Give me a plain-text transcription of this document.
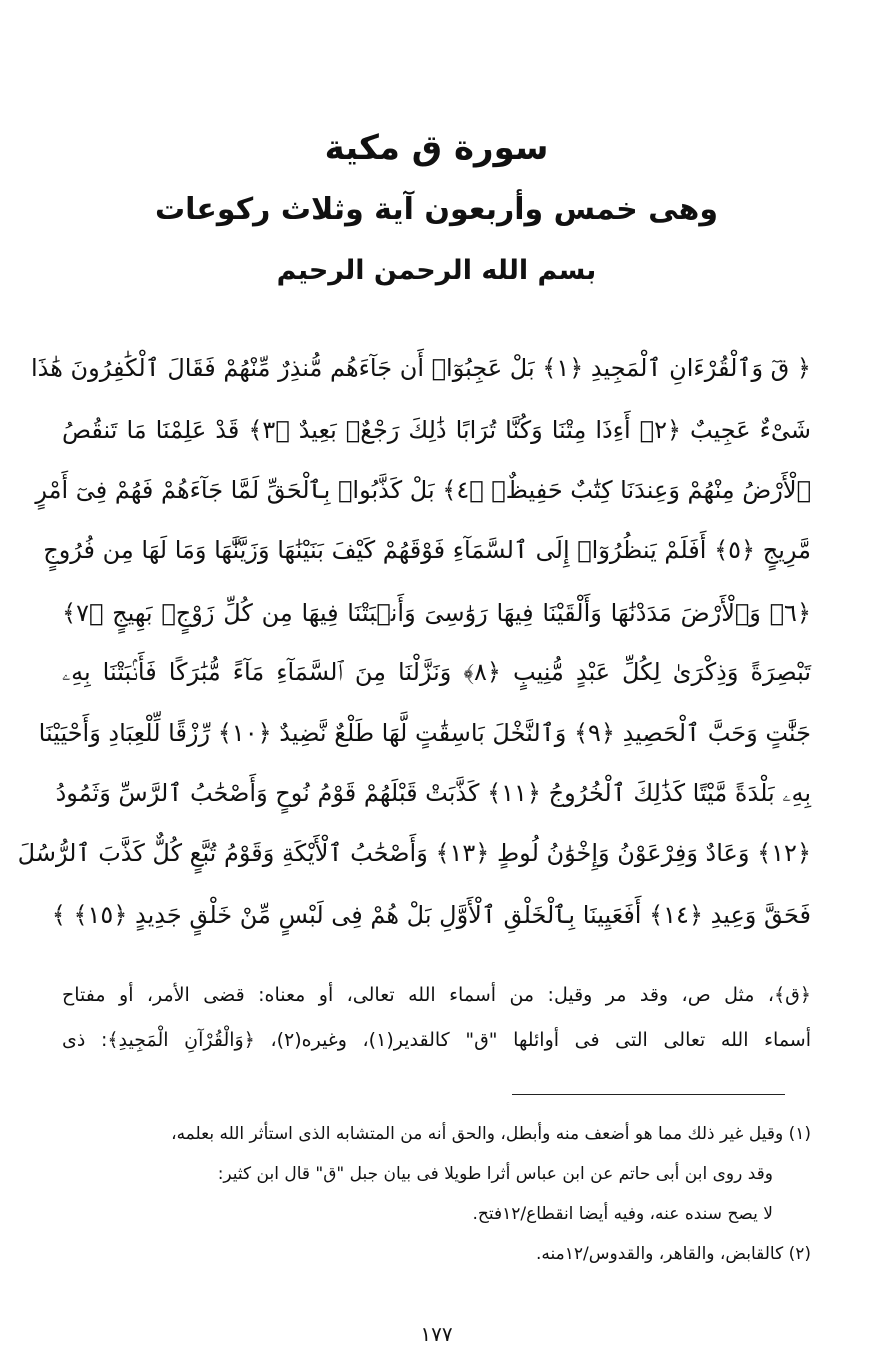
سورة ق مكية
وهى خمس وأربعون آية وثلاث ركوعات
بسم الله الرحمن الرحيم
﴿ قٓ وَٱلْقُرْءَانِ ٱلْمَجِيدِ ﴿١﴾ بَلْ عَجِبُوٓا۟ أَن جَآءَهُم مُّنذِرٌ مِّنْهُمْ فَقَالَ ٱلْكَٰفِرُونَ هَٰذَا
شَىْءٌ عَجِيبٌ ﴿٢﴾ أَءِذَا مِتْنَا وَكُنَّا تُرَابًا ذَٰلِكَ رَجْعٌۢ بَعِيدٌ ﴿٣﴾ قَدْ عَلِمْنَا مَا تَنقُصُ
ٱلْأَرْضُ مِنْهُمْ وَعِندَنَا كِتَٰبٌ حَفِيظٌۢ ﴿٤﴾ بَلْ كَذَّبُوا۟ بِٱلْحَقِّ لَمَّا جَآءَهُمْ فَهُمْ فِىٓ أَمْرٍ
مَّرِيجٍ ﴿٥﴾ أَفَلَمْ يَنظُرُوٓا۟ إِلَى ٱلسَّمَآءِ فَوْقَهُمْ كَيْفَ بَنَيْنَٰهَا وَزَيَّنَّٰهَا وَمَا لَهَا مِن فُرُوجٍ
﴿٦﴾ وَٱلْأَرْضَ مَدَدْنَٰهَا وَأَلْقَيْنَا فِيهَا رَوَٰسِىَ وَأَنۢبَتْنَا فِيهَا مِن كُلِّ زَوْجٍۭ بَهِيجٍ ﴿٧﴾
تَبْصِرَةً وَذِكْرَىٰ لِكُلِّ عَبْدٍ مُّنِيبٍ ﴿٨﴾ وَنَزَّلْنَا مِنَ ٱلسَّمَآءِ مَآءً مُّبَٰرَكًا فَأَنۢبَتْنَا بِهِۦ
جَنَّٰتٍ وَحَبَّ ٱلْحَصِيدِ ﴿٩﴾ وَٱلنَّخْلَ بَاسِقَٰتٍ لَّهَا طَلْعٌ نَّضِيدٌ ﴿١٠﴾ رِّزْقًا لِّلْعِبَادِ وَأَحْيَيْنَا
بِهِۦ بَلْدَةً مَّيْتًا كَذَٰلِكَ ٱلْخُرُوجُ ﴿١١﴾ كَذَّبَتْ قَبْلَهُمْ قَوْمُ نُوحٍ وَأَصْحَٰبُ ٱلرَّسِّ وَثَمُودُ
﴿١٢﴾ وَعَادٌ وَفِرْعَوْنُ وَإِخْوَٰنُ لُوطٍ ﴿١٣﴾ وَأَصْحَٰبُ ٱلْأَيْكَةِ وَقَوْمُ تُبَّعٍ كُلٌّ كَذَّبَ ٱلرُّسُلَ
فَحَقَّ وَعِيدِ ﴿١٤﴾ أَفَعَيِينَا بِٱلْخَلْقِ ٱلْأَوَّلِ بَلْ هُمْ فِى لَبْسٍ مِّنْ خَلْقٍ جَدِيدٍ ﴿١٥﴾ ﴾
﴿ق﴾، مثل ص، وقد مر وقيل: من أسماء الله تعالى، أو معناه: قضى الأمر، أو مفتاح
أسماء الله تعالى التى فى أوائلها "ق" كالقدير(١)، وغيره(٢)، ﴿وَالْقُرْآنِ الْمَجِيدِ﴾: ذى
(١) وقيل غير ذلك مما هو أضعف منه وأبطل، والحق أنه من المتشابه الذى استأثر الله بعلمه،
وقد روى ابن أبى حاتم عن ابن عباس أثرا طويلا فى بيان جبل "ق" قال ابن كثير:
لا يصح سنده عنه، وفيه أيضا انقطاع/١٢فتح.
(٢) كالقابض، والقاهر، والقدوس/١٢منه.
١٧٧
